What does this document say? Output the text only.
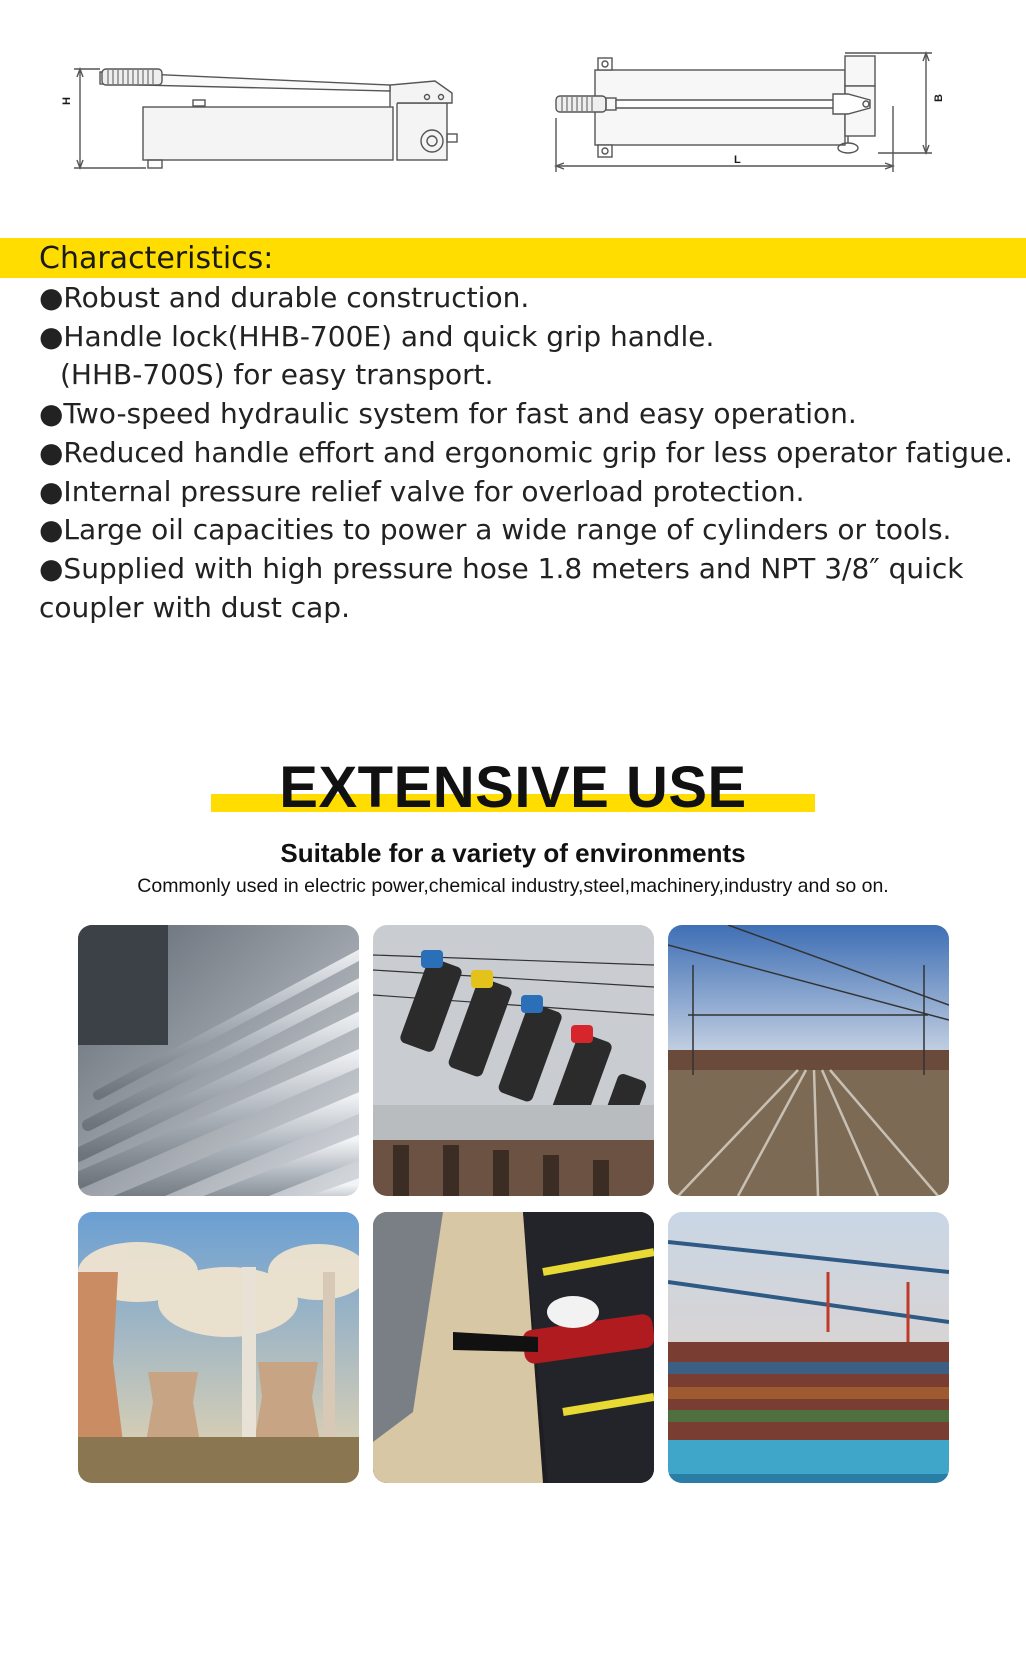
H	B
L
Characteristics:
●Robust and durable construction.
●Handle lock(HHB-700E) and quick grip handle.
(HHB-700S) for easy transport.
●Two-speed hydraulic system for fast and easy operation.
●Reduced handle effort and ergonomic grip for less operator fatigue.
●Internal pressure relief valve for overload protection.
●Large oil capacities to power a wide range of cylinders or tools.
●Supplied with high pressure hose 1.8 meters and NPT 3/8″ quick coupler with dust cap.
EXTENSIVE USE
Suitable for a variety of environments
Commonly used in electric power,chemical industry,steel,machinery,industry and so on.
